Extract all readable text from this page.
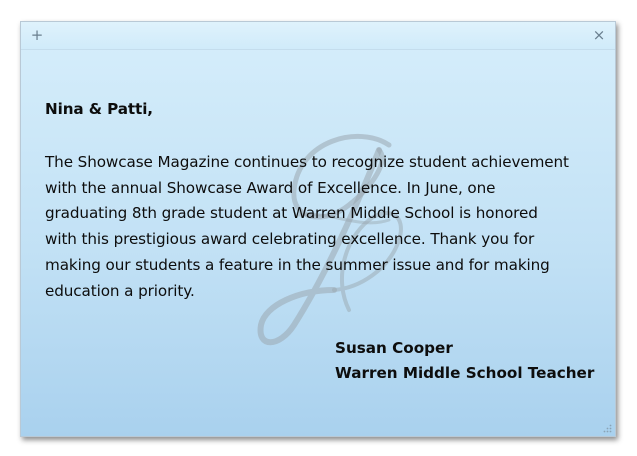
+	×

Nina & Patti,

The Showcase Magazine continues to recognize student achievement
with the annual Showcase Award of Excellence. In June, one
graduating 8th grade student at Warren Middle School is honored
with this prestigious award celebrating excellence. Thank you for
making our students a feature in the summer issue and for making
education a priority.

Susan Cooper
Warren Middle School Teacher
